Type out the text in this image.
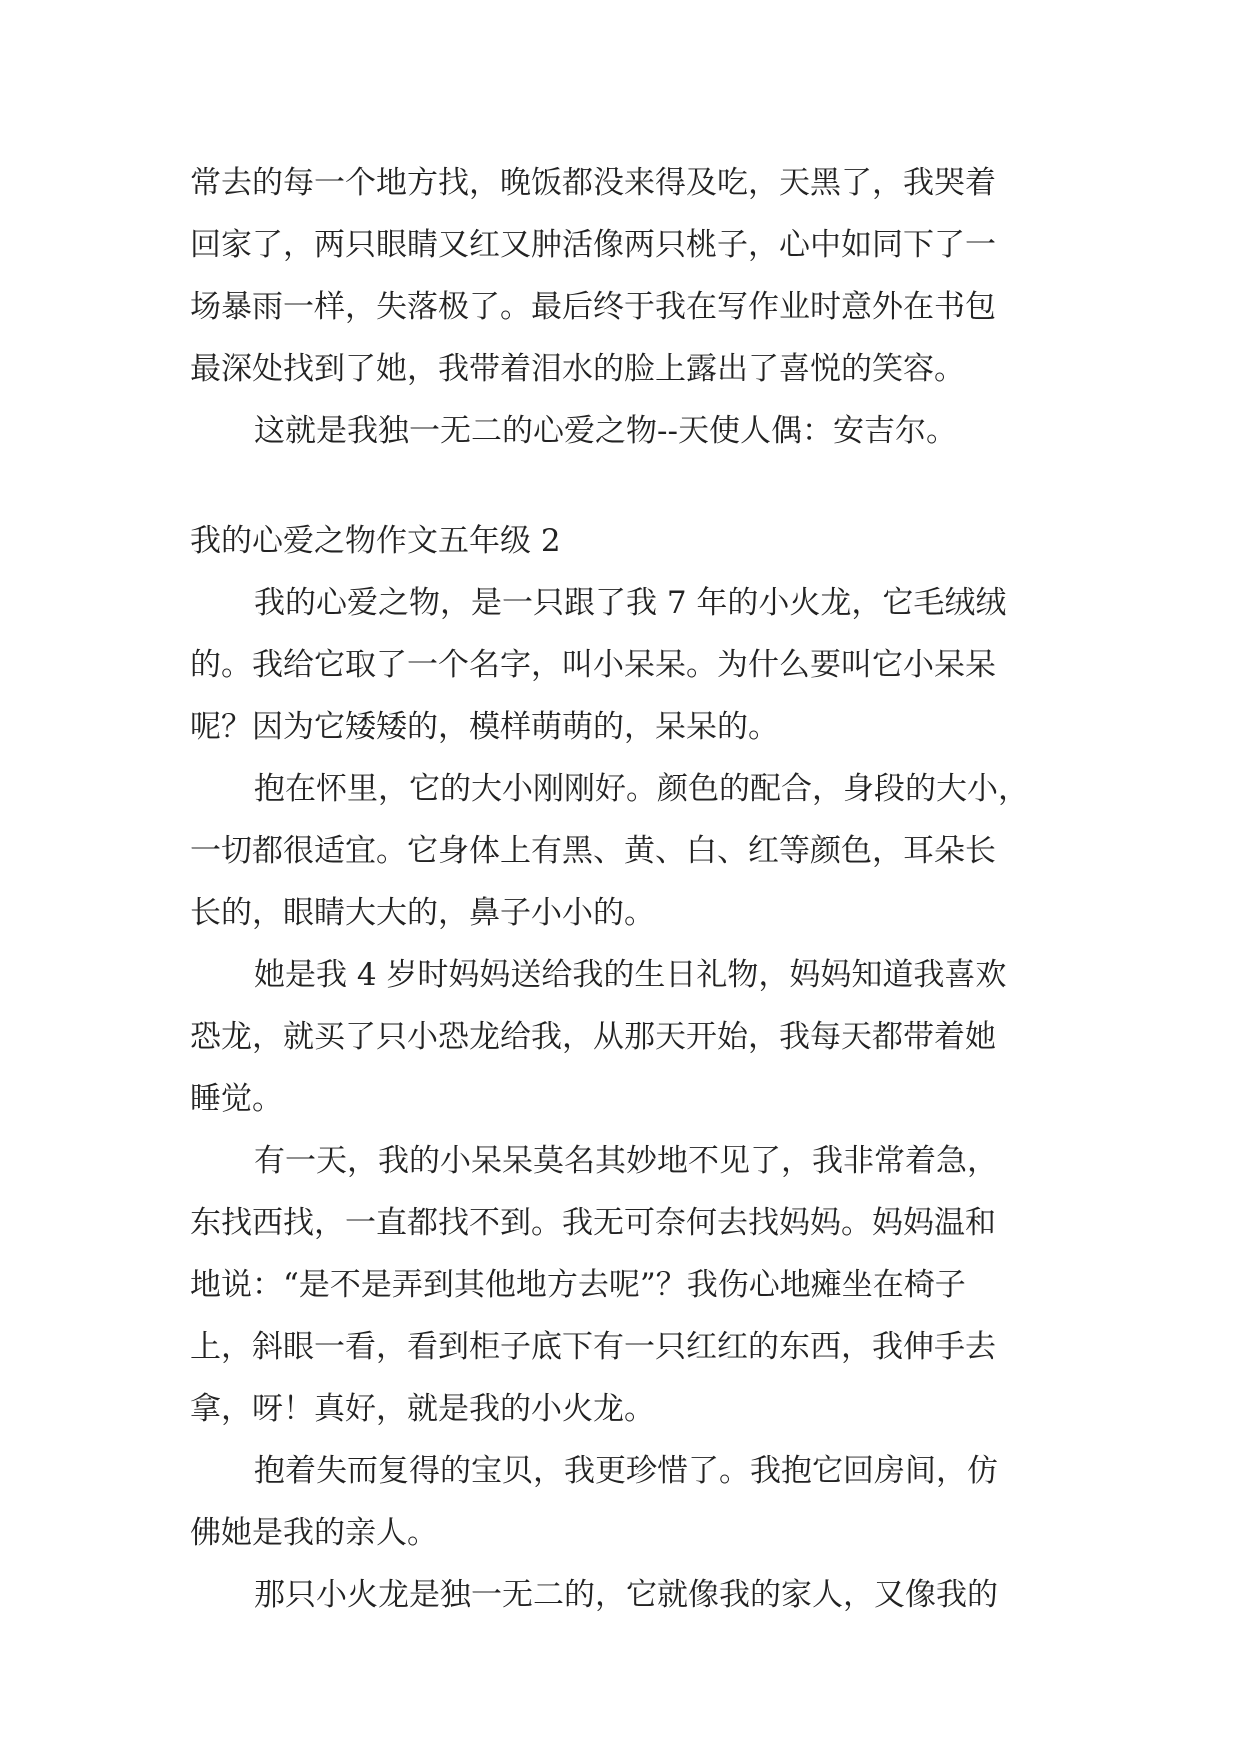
常去的每一个地方找，晚饭都没来得及吃，天黑了，我哭着

回家了，两只眼睛又红又肿活像两只桃子，心中如同下了一

场暴雨一样，失落极了。最后终于我在写作业时意外在书包

最深处找到了她，我带着泪水的脸上露出了喜悦的笑容。

这就是我独一无二的心爱之物--天使人偶：安吉尔。

我的心爱之物作文五年级 2

我的心爱之物，是一只跟了我 7 年的小火龙，它毛绒绒

的。我给它取了一个名字，叫小呆呆。为什么要叫它小呆呆

呢？因为它矮矮的，模样萌萌的，呆呆的。

抱在怀里，它的大小刚刚好。颜色的配合，身段的大小，

一切都很适宜。它身体上有黑、黄、白、红等颜色，耳朵长

长的，眼睛大大的，鼻子小小的。

她是我 4 岁时妈妈送给我的生日礼物，妈妈知道我喜欢

恐龙，就买了只小恐龙给我，从那天开始，我每天都带着她

睡觉。

有一天，我的小呆呆莫名其妙地不见了，我非常着急，

东找西找，一直都找不到。我无可奈何去找妈妈。妈妈温和

地说：“是不是弄到其他地方去呢”？我伤心地瘫坐在椅子

上，斜眼一看，看到柜子底下有一只红红的东西，我伸手去

拿，呀！真好，就是我的小火龙。

抱着失而复得的宝贝，我更珍惜了。我抱它回房间，仿

佛她是我的亲人。

那只小火龙是独一无二的，它就像我的家人，又像我的
